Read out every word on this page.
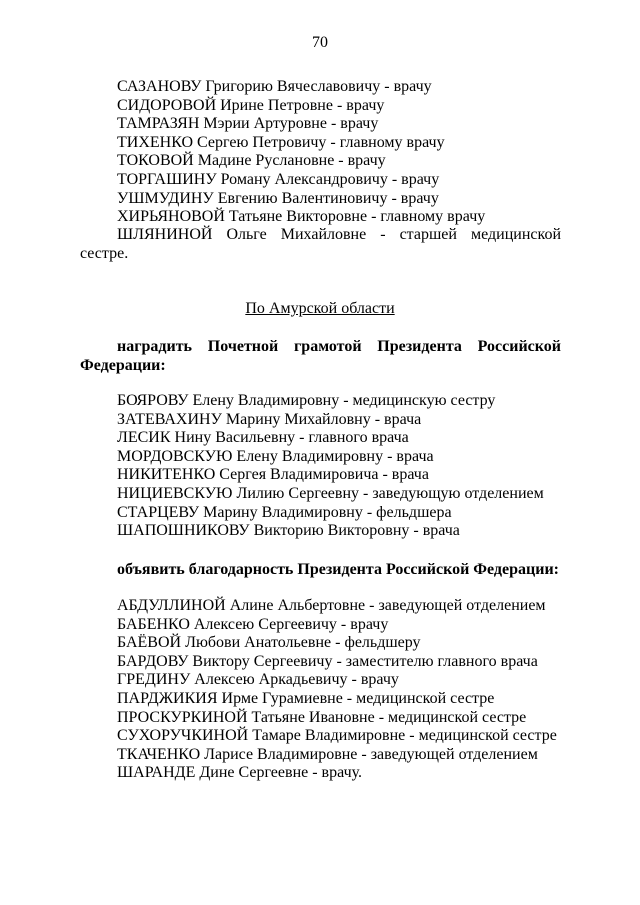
70
САЗАНОВУ Григорию Вячеславовичу - врачу
СИДОРОВОЙ Ирине Петровне - врачу
ТАМРАЗЯН Мэрии Артуровне - врачу
ТИХЕНКО Сергею Петровичу - главному врачу
ТОКОВОЙ Мадине Руслановне - врачу
ТОРГАШИНУ Роману Александровичу - врачу
УШМУДИНУ Евгению Валентиновичу - врачу
ХИРЬЯНОВОЙ Татьяне Викторовне - главному врачу
ШЛЯНИНОЙ Ольге Михайловне - старшей медицинской
сестре.
По Амурской области
наградить Почетной грамотой Президента Российской
Федерации:
БОЯРОВУ Елену Владимировну - медицинскую сестру
ЗАТЕВАХИНУ Марину Михайловну - врача
ЛЕСИК Нину Васильевну - главного врача
МОРДОВСКУЮ Елену Владимировну - врача
НИКИТЕНКО Сергея Владимировича - врача
НИЦИЕВСКУЮ Лилию Сергеевну - заведующую отделением
СТАРЦЕВУ Марину Владимировну - фельдшера
ШАПОШНИКОВУ Викторию Викторовну - врача
объявить благодарность Президента Российской Федерации:
АБДУЛЛИНОЙ Алине Альбертовне - заведующей отделением
БАБЕНКО Алексею Сергеевичу - врачу
БАЁВОЙ Любови Анатольевне - фельдшеру
БАРДОВУ Виктору Сергеевичу - заместителю главного врача
ГРЕДИНУ Алексею Аркадьевичу - врачу
ПАРДЖИКИЯ Ирме Гурамиевне - медицинской сестре
ПРОСКУРКИНОЙ Татьяне Ивановне - медицинской сестре
СУХОРУЧКИНОЙ Тамаре Владимировне - медицинской сестре
ТКАЧЕНКО Ларисе Владимировне - заведующей отделением
ШАРАНДЕ Дине Сергеевне - врачу.
